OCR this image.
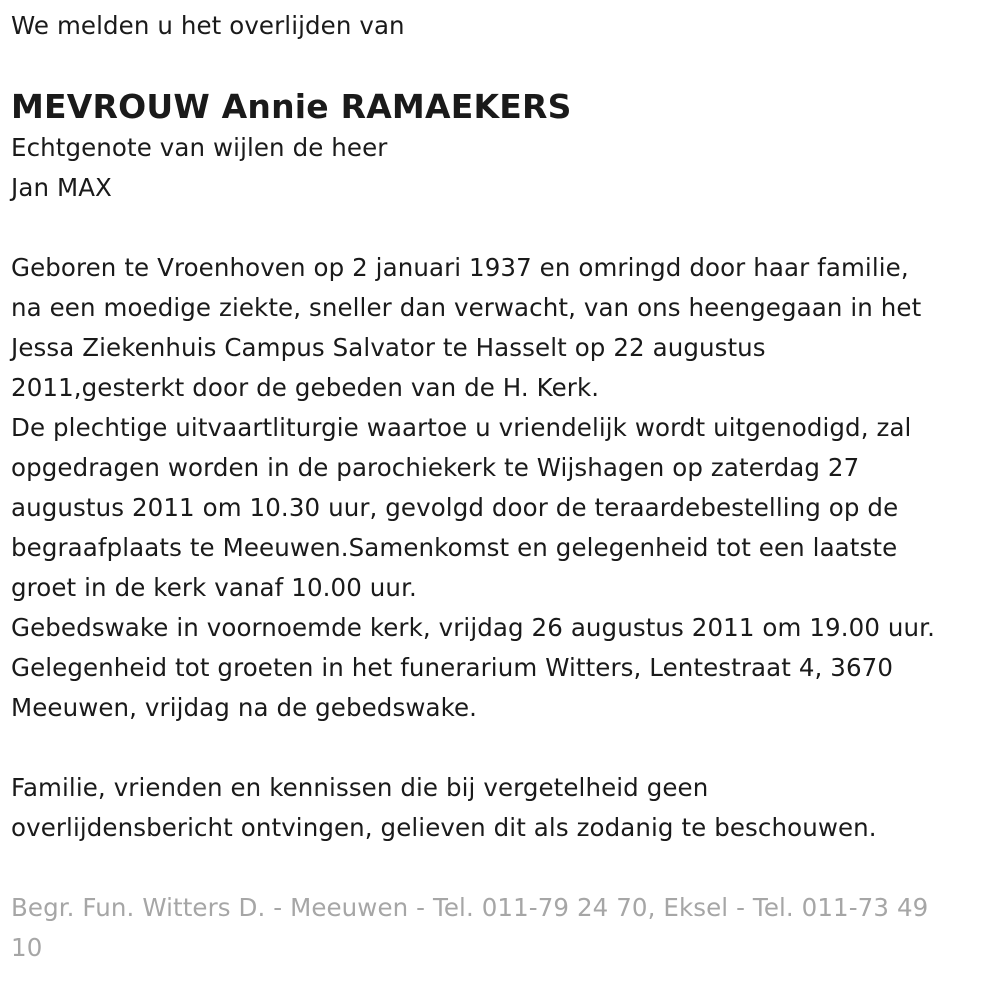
We melden u het overlijden van
MEVROUW Annie RAMAEKERS
Echtgenote van wijlen de heer
Jan MAX
Geboren te Vroenhoven op 2 januari 1937 en omringd door haar familie,
na een moedige ziekte, sneller dan verwacht, van ons heengegaan in het
Jessa Ziekenhuis Campus Salvator te Hasselt op 22 augustus
2011,gesterkt door de gebeden van de H. Kerk.
De plechtige uitvaartliturgie waartoe u vriendelijk wordt uitgenodigd, zal
opgedragen worden in de parochiekerk te Wijshagen op zaterdag 27
augustus 2011 om 10.30 uur, gevolgd door de teraardebestelling op de
begraafplaats te Meeuwen.Samenkomst en gelegenheid tot een laatste
groet in de kerk vanaf 10.00 uur.
Gebedswake in voornoemde kerk, vrijdag 26 augustus 2011 om 19.00 uur.
Gelegenheid tot groeten in het funerarium Witters, Lentestraat 4, 3670
Meeuwen, vrijdag na de gebedswake.
Familie, vrienden en kennissen die bij vergetelheid geen
overlijdensbericht ontvingen, gelieven dit als zodanig te beschouwen.
Begr. Fun. Witters D. - Meeuwen - Tel. 011-79 24 70, Eksel - Tel. 011-73 49
10
